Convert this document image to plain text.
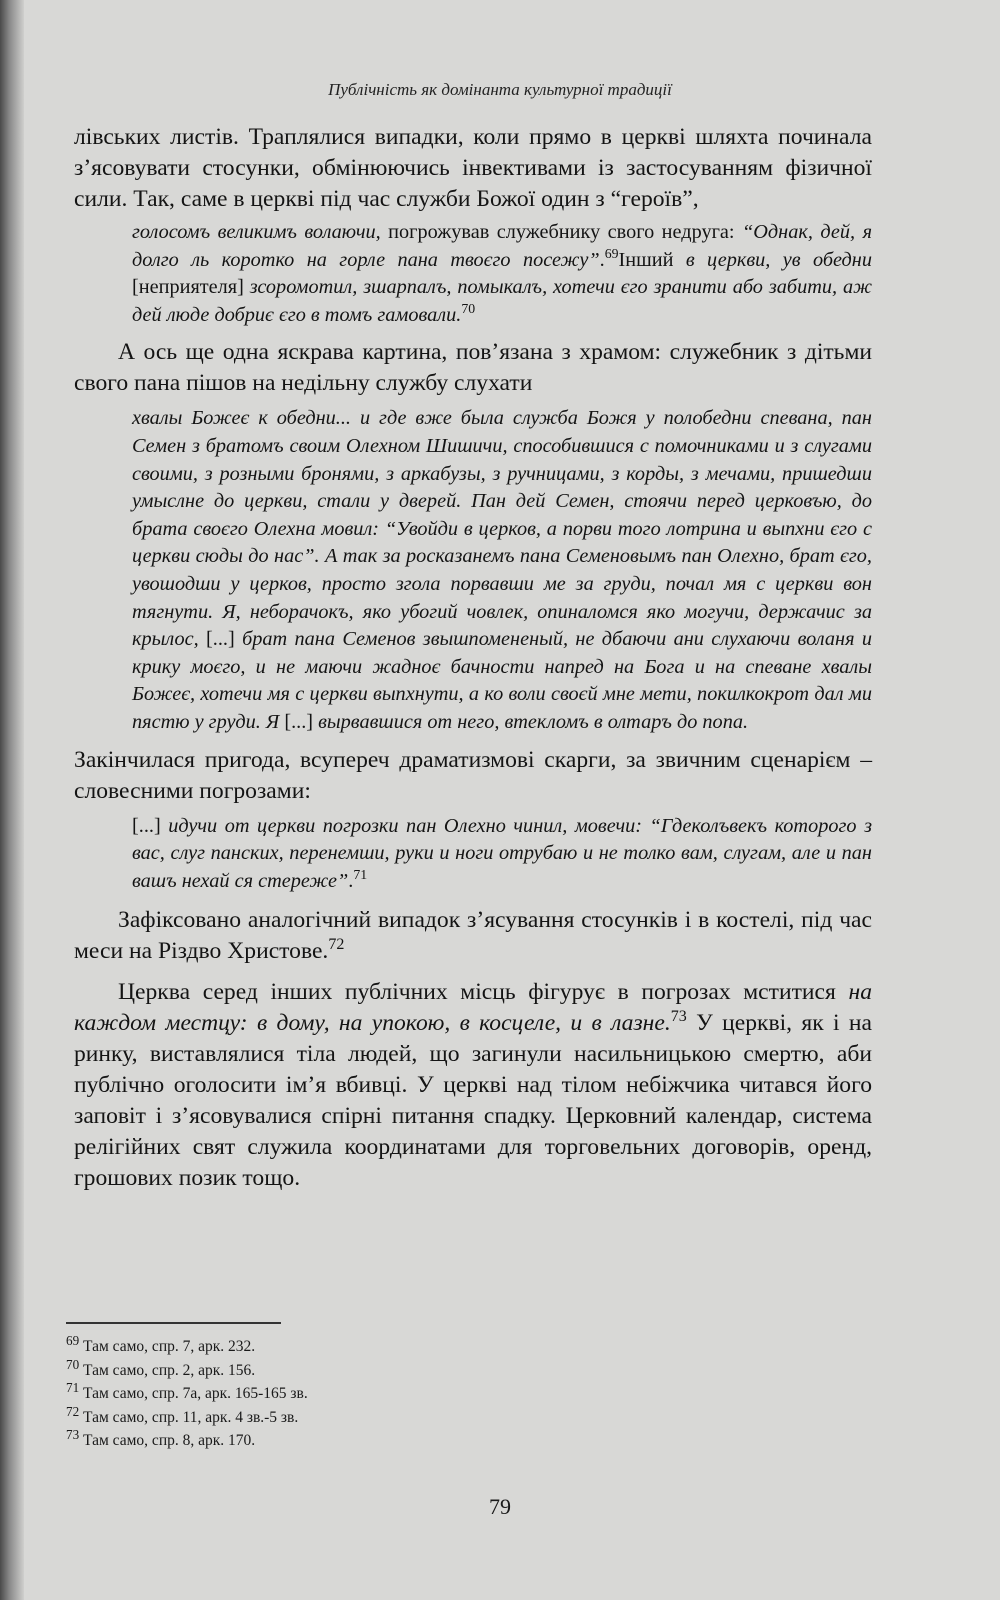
Публічність як домінанта культурної традиції

лівських листів. Траплялися випадки, коли прямо в церкві шляхта починала з’ясовувати стосунки, обмінюючись інвективами із застосуванням фізичної сили. Так, саме в церкві під час служби Божої один з “героїв”,

голосомъ великимъ волаючи, погрожував служебнику свого недруга: “Однак, дей, я долго ль коротко на горле пана твоєго посежу”.$^{69}$Інший в церкви, ув обедни [неприятеля] зсоромотил, зшарпалъ, помыкалъ, хотечи єго зранити або забити, аж дей люде добриє єго в томъ гамовали.$^{70}$

А ось ще одна яскрава картина, пов’язана з храмом: служебник з дітьми свого пана пішов на недільну службу слухати

хвалы Божеє к обедни... и где вже была служба Божя у полобедни спевана, пан Семен з братомъ своим Олехном Шишичи, способившися с помочниками и з слугами своими, з розными бронями, з аркабузы, з ручницами, з корды, з мечами, пришедши умыслне до церкви, стали у дверей. Пан дей Семен, стоячи перед церковъю, до брата своєго Олехна мовил: “Увойди в церков, а порви того лотрина и выпхни єго с церкви сюды до нас”. А так за росказанемъ пана Семеновымъ пан Олехно, брат єго, увошодши у церков, просто згола порвавши ме за груди, почал мя с церкви вон тягнути. Я, неборачокъ, яко убогий човлек, опиналомся яко могучи, держачис за крылос, [...] брат пана Семенов звышпомененый, не дбаючи ани слухаючи воланя и крику моєго, и не маючи жадноє бачности напред на Бога и на спеване хвалы Божеє, хотечи мя с церкви выпхнути, а ко воли своєй мне мети, покилкокрот дал ми пястю у груди. Я [...] вырвавшися от него, втекломъ в олтаръ до попа.

Закінчилася пригода, всупереч драматизмові скарги, за звичним сценарієм – словесними погрозами:

[...] идучи от церкви погрозки пан Олехно чинил, мовечи: “Гдеколъвекъ которого з вас, слуг панских, перенемши, руки и ноги отрубаю и не толко вам, слугам, але и пан вашъ нехай ся стереже”.$^{71}$

Зафіксовано аналогічний випадок з’ясування стосунків і в костелі, під час меси на Різдво Христове.$^{72}$

Церква серед інших публічних місць фігурує в погрозах мститися на каждом местцу: в дому, на упокою, в косцеле, и в лазне.$^{73}$ У церкві, як і на ринку, виставлялися тіла людей, що загинули насильницькою смертю, аби публічно оголосити ім’я вбивці. У церкві над тілом небіжчика читався його заповіт і з’ясовувалися спірні питання спадку. Церковний календар, система релігійних свят служила координатами для торговельних договорів, оренд, грошових позик тощо.

$^{69}$ Там само, спр. 7, арк. 232.
$^{70}$ Там само, спр. 2, арк. 156.
$^{71}$ Там само, спр. 7а, арк. 165-165 зв.
$^{72}$ Там само, спр. 11, арк. 4 зв.-5 зв.
$^{73}$ Там само, спр. 8, арк. 170.
79
